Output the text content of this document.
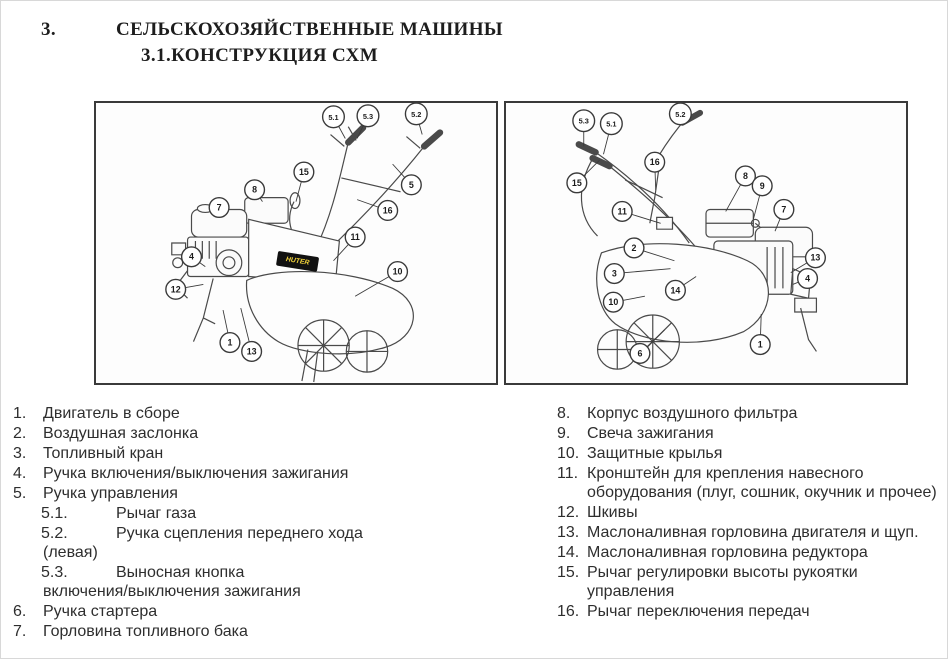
3.	СЕЛЬСКОХОЗЯЙСТВЕННЫЕ МАШИНЫ
3.1.КОНСТРУКЦИЯ СХМ
HUTER
5.1	5.3	5.2
15
5
8
16
7
11
4
10
12
1
13
5.3 5.1
5.2
16
15
11
8
9
7
2
13
3	4
14
10
1
6
1.	Двигатель в сборе
2.	Воздушная заслонка
3.	Топливный кран
4.	Ручка включения/выключения зажигания
5.	Ручка управления
5.1.	Рычаг газа
5.2.	Ручка сцепления переднего хода
(левая)
5.3.	Выносная кнопка
включения/выключения зажигания
6.	Ручка стартера
7.	Горловина топливного бака
8.	Корпус воздушного фильтра
9.	Свеча зажигания
10. Защитные крылья
11. Кронштейн для крепления навесного оборудования (плуг, сошник, окучник и прочее)
12. Шкивы
13. Маслоналивная горловина двигателя и щуп.
14. Маслоналивная горловина редуктора
15. Рычаг регулировки высоты рукоятки управления
16. Рычаг переключения передач
